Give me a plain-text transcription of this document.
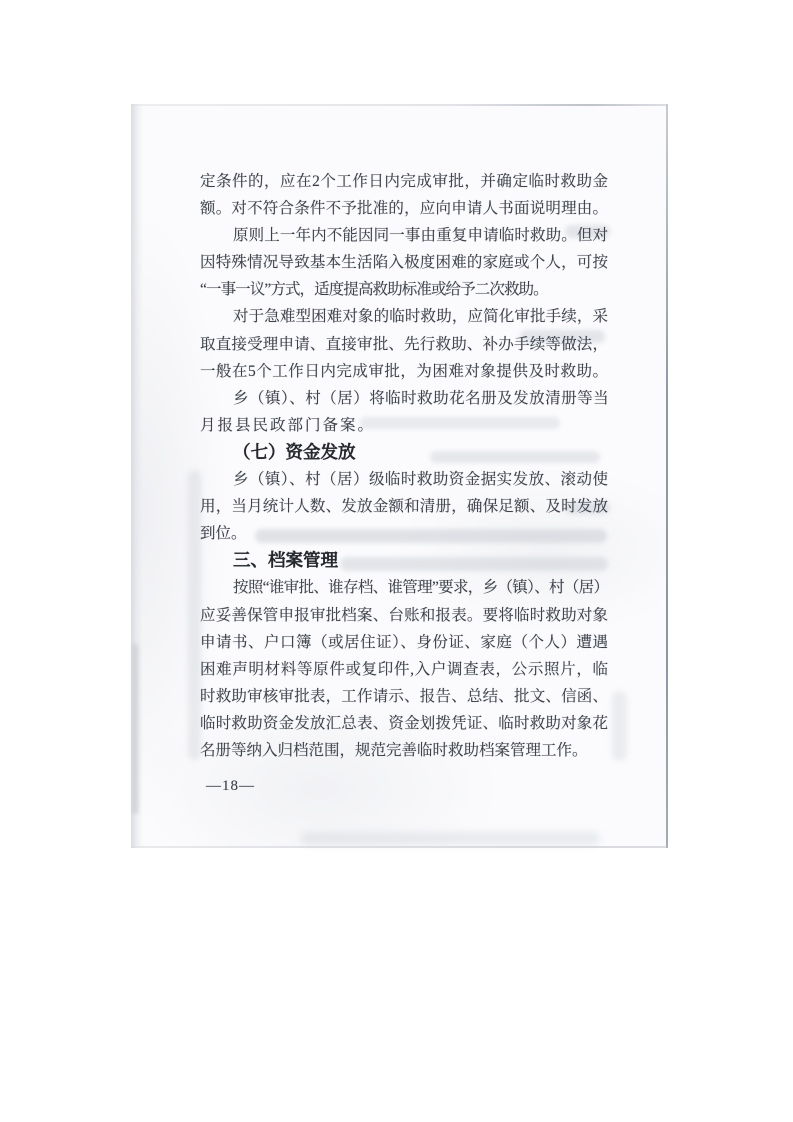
定条件的，应在2个工作日内完成审批，并确定临时救助金
额。对不符合条件不予批准的，应向申请人书面说明理由。
原则上一年内不能因同一事由重复申请临时救助。但对
因特殊情况导致基本生活陷入极度困难的家庭或个人，可按
“一事一议”方式，适度提高救助标准或给予二次救助。
对于急难型困难对象的临时救助，应简化审批手续，采
取直接受理申请、直接审批、先行救助、补办手续等做法，
一般在5个工作日内完成审批，为困难对象提供及时救助。
乡（镇）、村（居）将临时救助花名册及发放清册等当
月报县民政部门备案。
（七）资金发放
乡（镇）、村（居）级临时救助资金据实发放、滚动使
用，当月统计人数、发放金额和清册，确保足额、及时发放
到位。
三、档案管理
按照“谁审批、谁存档、谁管理”要求，乡（镇）、村（居）
应妥善保管申报审批档案、台账和报表。要将临时救助对象
申请书、户口簿（或居住证）、身份证、家庭（个人）遭遇
困难声明材料等原件或复印件,入户调查表，公示照片，临
时救助审核审批表，工作请示、报告、总结、批文、信函、
临时救助资金发放汇总表、资金划拨凭证、临时救助对象花
名册等纳入归档范围，规范完善临时救助档案管理工作。
—18—
